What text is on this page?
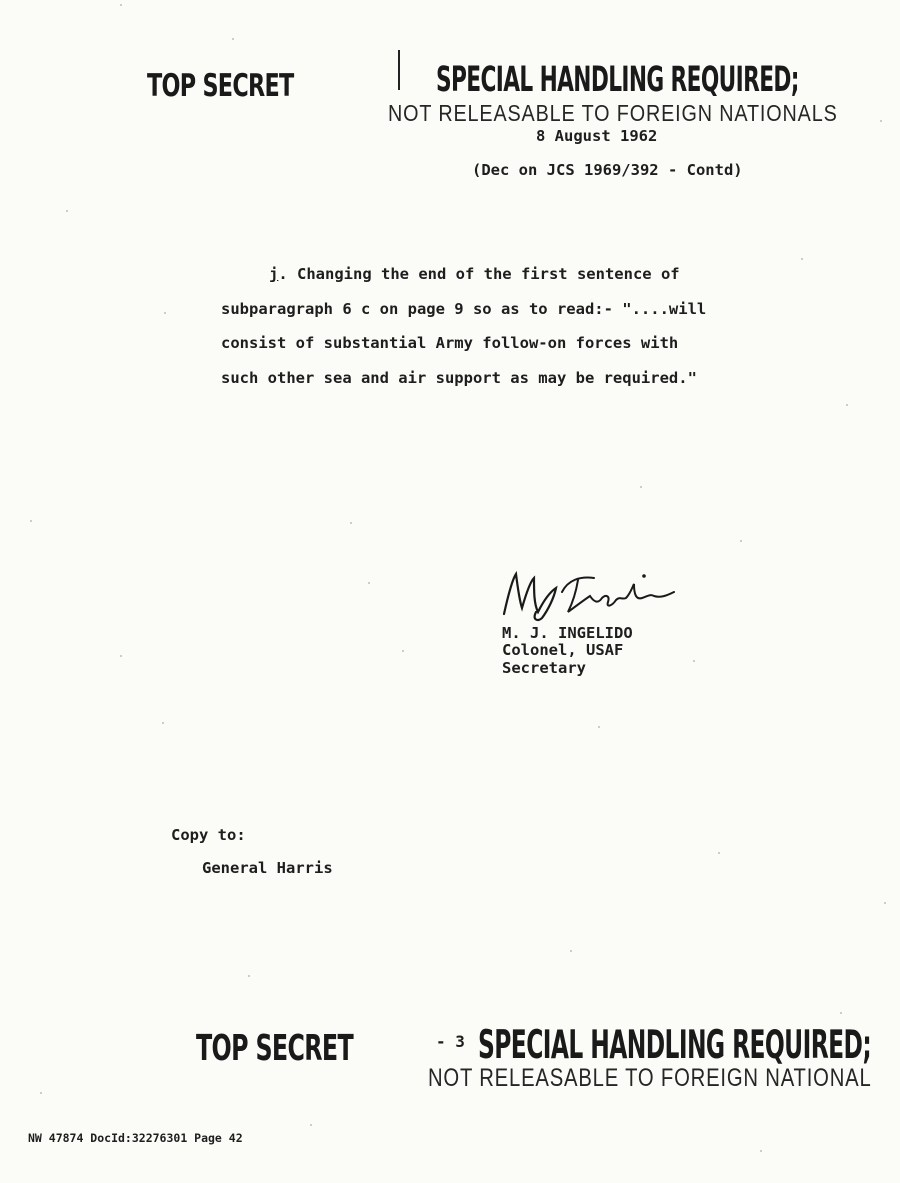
TOP SECRET	SPECIAL HANDLING REQUIRED;
NOT RELEASABLE TO FOREIGN NATIONALS
8 August 1962
(Dec on JCS 1969/392 - Contd)
j. Changing the end of the first sentence of
subparagraph 6 c on page 9 so as to read:- "....will
consist of substantial Army follow-on forces with
such other sea and air support as may be required."
M. J. INGELIDO
Colonel, USAF
Secretary
Copy to:
General Harris
TOP SECRET	- 3 SPECIAL HANDLING REQUIRED;
NOT RELEASABLE TO FOREIGN NATIONAL
NW 47874 DocId:32276301 Page 42
